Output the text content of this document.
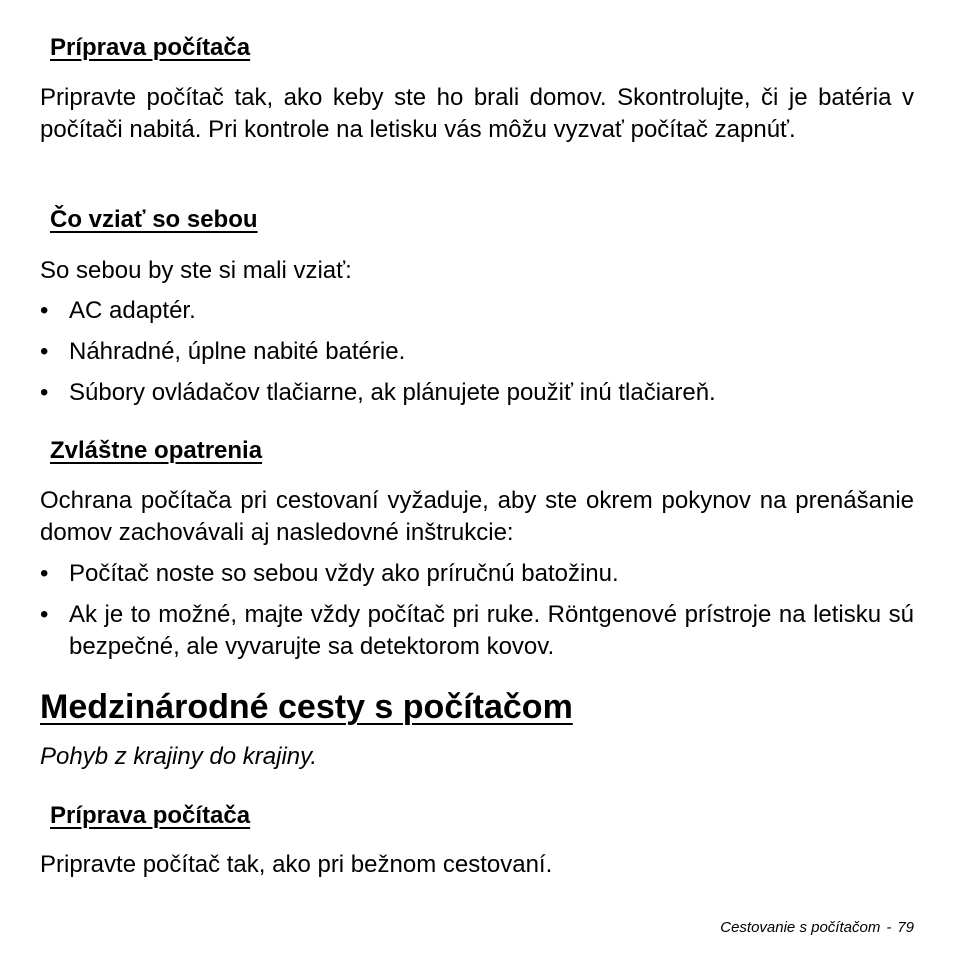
Príprava počítača
Pripravte počítač tak, ako keby ste ho brali domov. Skontrolujte, či je batéria v počítači nabitá. Pri kontrole na letisku vás môžu vyzvať počítač zapnúť.
Čo vziať so sebou
So sebou by ste si mali vziať:
• AC adaptér.
• Náhradné, úplne nabité batérie.
• Súbory ovládačov tlačiarne, ak plánujete použiť inú tlačiareň.
Zvláštne opatrenia
Ochrana počítača pri cestovaní vyžaduje, aby ste okrem pokynov na prenášanie domov zachovávali aj nasledovné inštrukcie:
• Počítač noste so sebou vždy ako príručnú batožinu.
• Ak je to možné, majte vždy počítač pri ruke. Röntgenové prístroje na letisku sú bezpečné, ale vyvarujte sa detektorom kovov.
Medzinárodné cesty s počítačom
Pohyb z krajiny do krajiny.
Príprava počítača
Pripravte počítač tak, ako pri bežnom cestovaní.
Cestovanie s počítačom - 79
